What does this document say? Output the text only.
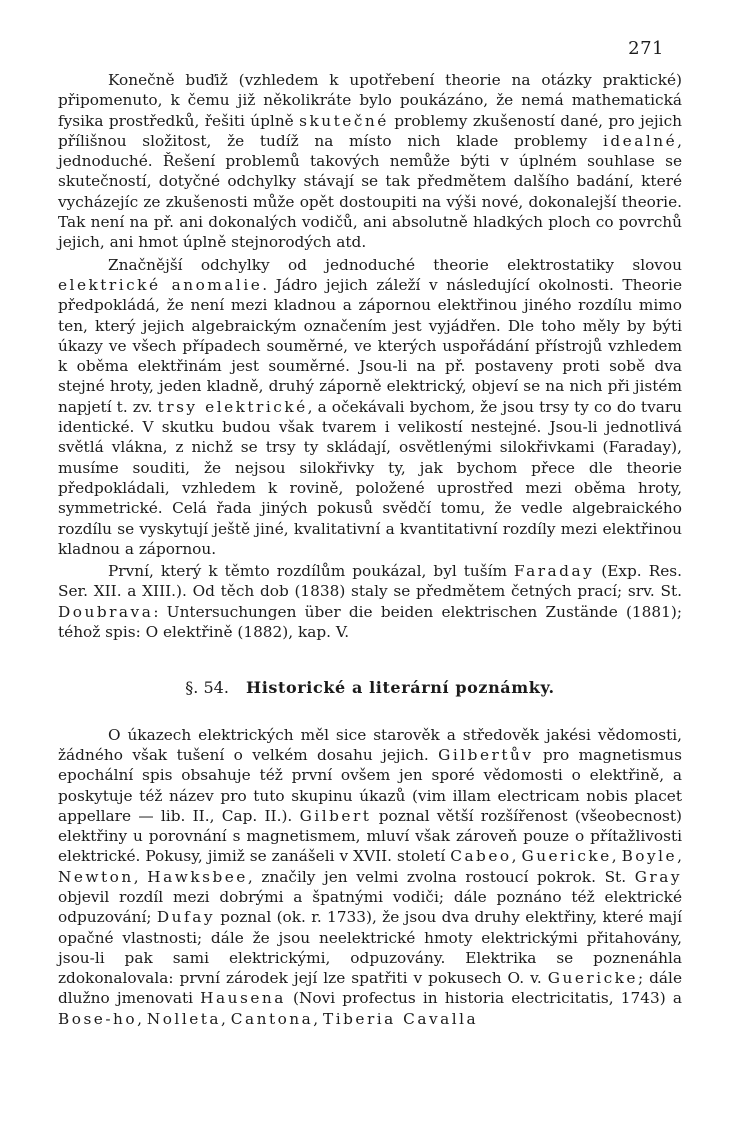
271

Konečně buďiž (vzhledem k upotřebení theorie na otázky praktické) připomenuto, k čemu již několikráte bylo poukázáno, že nemá mathematická fysika prostředků, řešiti úplně skutečné problemy zkušeností dané, pro jejich přílišnou složitost, že tudíž na místo nich klade problemy idealné, jednoduché. Řešení problemů takových nemůže býti v úplném souhlase se skutečností, dotyčné odchylky stávají se tak předmětem dalšího badání, které vycházejíc ze zkušenosti může opět dostoupiti na výši nové, dokonalejší theorie. Tak není na př. ani dokonalých vodičů, ani absolutně hladkých ploch co povrchů jejich, ani hmot úplně stejnorodých atd.

Značnější odchylky od jednoduché theorie elektrostatiky slovou elektrické anomalie. Jádro jejich záleží v následující okolnosti. Theorie předpokládá, že není mezi kladnou a zápornou elektřinou jiného rozdílu mimo ten, který jejich algebraickým označením jest vyjádřen. Dle toho měly by býti úkazy ve všech případech souměrné, ve kterých uspořádání přístrojů vzhledem k oběma elektřinám jest souměrné. Jsou-li na př. postaveny proti sobě dva stejné hroty, jeden kladně, druhý záporně elektrický, objeví se na nich při jistém napjetí t. zv. trsy elektrické, a očekávali bychom, že jsou trsy ty co do tvaru identické. V skutku budou však tvarem i velikostí nestejné. Jsou-li jednotlivá světlá vlákna, z nichž se trsy ty skládají, osvětlenými silokřivkami (Faraday), musíme souditi, že nejsou silokřivky ty, jak bychom přece dle theorie předpokládali, vzhledem k rovině, položené uprostřed mezi oběma hroty, symmetrické. Celá řada jiných pokusů svědčí tomu, že vedle algebraického rozdílu se vyskytují ještě jiné, kvalitativní a kvantitativní rozdíly mezi elektřinou kladnou a zápornou.

První, který k těmto rozdílům poukázal, byl tuším Faraday (Exp. Res. Ser. XII. a XIII.). Od těch dob (1838) staly se předmětem četných prací; srv. St. Doubrava: Untersuchungen über die beiden elektrischen Zustände (1881); téhož spis: O elektřině (1882), kap. V.

§. 54. Historické a literární poznámky.

O úkazech elektrických měl sice starověk a středověk jakési vědomosti, žádného však tušení o velkém dosahu jejich. Gilbertův pro magnetismus epochální spis obsahuje též první ovšem jen sporé vědomosti o elektřině, a poskytuje též název pro tuto skupinu úkazů (vim illam electricam nobis placet appellare — lib. II., Cap. II.). Gilbert poznal větší rozšířenost (všeobecnost) elektřiny u porovnání s magnetismem, mluví však zároveň pouze o přítažlivosti elektrické. Pokusy, jimiž se zanášeli v XVII. století Cabeo, Guericke, Boyle, Newton, Hawksbee, značily jen velmi zvolna rostoucí pokrok. St. Gray objevil rozdíl mezi dobrými a špatnými vodiči; dále poznáno též elektrické odpuzování; Dufay poznal (ok. r. 1733), že jsou dva druhy elektřiny, které mají opačné vlastnosti; dále že jsou neelektrické hmoty elektrickými přitahovány, jsou-li pak sami elektrickými, odpuzovány. Elektrika se poznenáhla zdokonalovala: první zárodek její lze spatřiti v pokusech O. v. Guericke; dále dlužno jmenovati Hausena (Novi profectus in historia electricitatis, 1743) a Bose-ho, Nolleta, Cantona, Tiberia Cavalla
